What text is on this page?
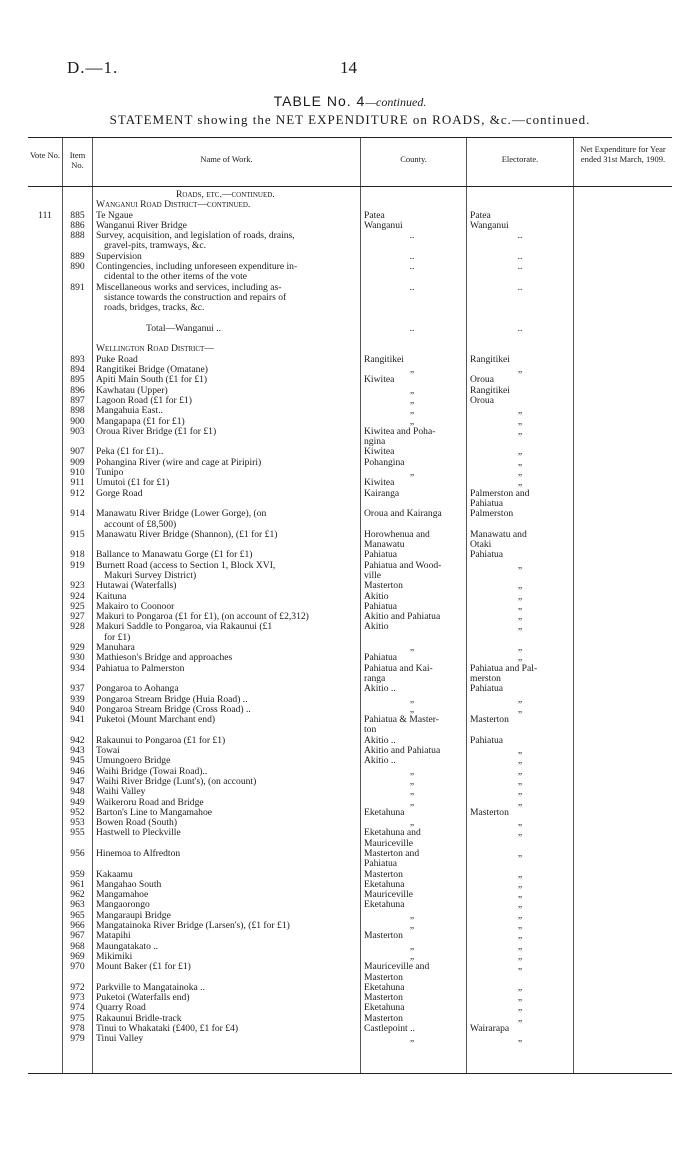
D.—1.	14
TABLE No. 4—continued.
STATEMENT showing the NET EXPENDITURE on ROADS, &c.—continued.
Vote No.	Item No.
Name of Work.	County.	Electorate.
Net Expenditure for Year ended 31st March, 1909.
Roads, etc.—continued.
Wanganui Road District—continued.
111	885	Te Ngaue	Patea	Patea
886	Wanganui River Bridge	Wanganui	Wanganui
888	Survey, acquisition, and legislation of roads, drains,	..	..
gravel-pits, tramways, &c.
889	Supervision	..	..
890	Contingencies, including unforeseen expenditure in-	..	..
cidental to the other items of the vote
891	Miscellaneous works and services, including as-	..	..
sistance towards the construction and repairs of
roads, bridges, tracks, &c.
Total—Wanganui ..	..	..
Wellington Road District—
893	Puke Road	Rangitikei	Rangitikei
894	Rangitikei Bridge (Omatane)	„	„
895	Apiti Main South (£1 for £1)	Kiwitea	Oroua
896	Kawhatau (Upper)	„	Rangitikei
897	Lagoon Road (£1 for £1)	„	Oroua
898	Mangahuia East..	„	„
900	Mangapapa (£1 for £1)	„	„
903	Oroua River Bridge (£1 for £1)	Kiwitea and Poha-	„
ngina
907	Peka (£1 for £1)..	Kiwitea	„
909	Pohangina River (wire and cage at Piripiri)	Pohangina	„
910	Tunipo	„	„
911	Umutoi (£1 for £1)	Kiwitea	„
912	Gorge Road	Kairanga	Palmerston and
Pahiatua
914	Manawatu River Bridge (Lower Gorge), (on	Oroua and Kairanga	Palmerston
account of £8,500)
915	Manawatu River Bridge (Shannon), (£1 for £1)	Horowhenua and	Manawatu and
Manawatu	Otaki
918	Ballance to Manawatu Gorge (£1 for £1)	Pahiatua	Pahiatua
919	Burnett Road (access to Section 1, Block XVI,	Pahiatua and Wood-	„
Makuri Survey District)	ville
923	Hutawai (Waterfalls)	Masterton	„
924	Kaituna	Akitio	„
925	Makairo to Coonoor	Pahiatua	„
927	Makuri to Pongaroa (£1 for £1), (on account of £2,312)	Akitio and Pahiatua	„
928	Makuri Saddle to Pongaroa, via Rakaunui (£1	Akitio	„
for £1)
929	Manuhara	„	„
930	Mathieson's Bridge and approaches	Pahiatua	„
934	Pahiatua to Palmerston	Pahiatua and Kai-	Pahiatua and Pal-
ranga	merston
937	Pongaroa to Aohanga	Akitio ..	Pahiatua
939	Pongaroa Stream Bridge (Huia Road) ..	„	„
940	Pongaroa Stream Bridge (Cross Road) ..	„	„
941	Puketoi (Mount Marchant end)	Pahiatua & Master-	Masterton
ton
942	Rakaunui to Pongaroa (£1 for £1)	Akitio ..	Pahiatua
943	Towai	Akitio and Pahiatua	„
945	Umungoero Bridge	Akitio ..	„
946	Waihi Bridge (Towai Road)..	„	„
947	Waihi River Bridge (Lunt's), (on account)	„	„
948	Waihi Valley	„	„
949	Waikeroru Road and Bridge	„	„
952	Barton's Line to Mangamahoe	Eketahuna	Masterton
953	Bowen Road (South)	„	„
955	Hastwell to Pleckville	Eketahuna and	„
Mauriceville
956	Hinemoa to Alfredton	Masterton and	„
Pahiatua
959	Kakaamu	Masterton	„
961	Mangahao South	Eketahuna	„
962	Mangamahoe	Mauriceville	„
963	Mangaorongo	Eketahuna	„
965	Mangaraupi Bridge	„	„
966	Mangatainoka River Bridge (Larsen's), (£1 for £1)	„	„
967	Matapihi	Masterton	„
968	Maungatakato ..	„	„
969	Mikimiki	„	„
970	Mount Baker (£1 for £1)	Mauriceville and	„
Masterton
972	Parkville to Mangatainoka ..	Eketahuna	„
973	Puketoi (Waterfalls end)	Masterton	„
974	Quarry Road	Eketahuna	„
975	Rakaunui Bridle-track	Masterton	„
978	Tinui to Whakataki (£400, £1 for £4)	Castlepoint ..	Wairarapa
979	Tinui Valley	„	„
